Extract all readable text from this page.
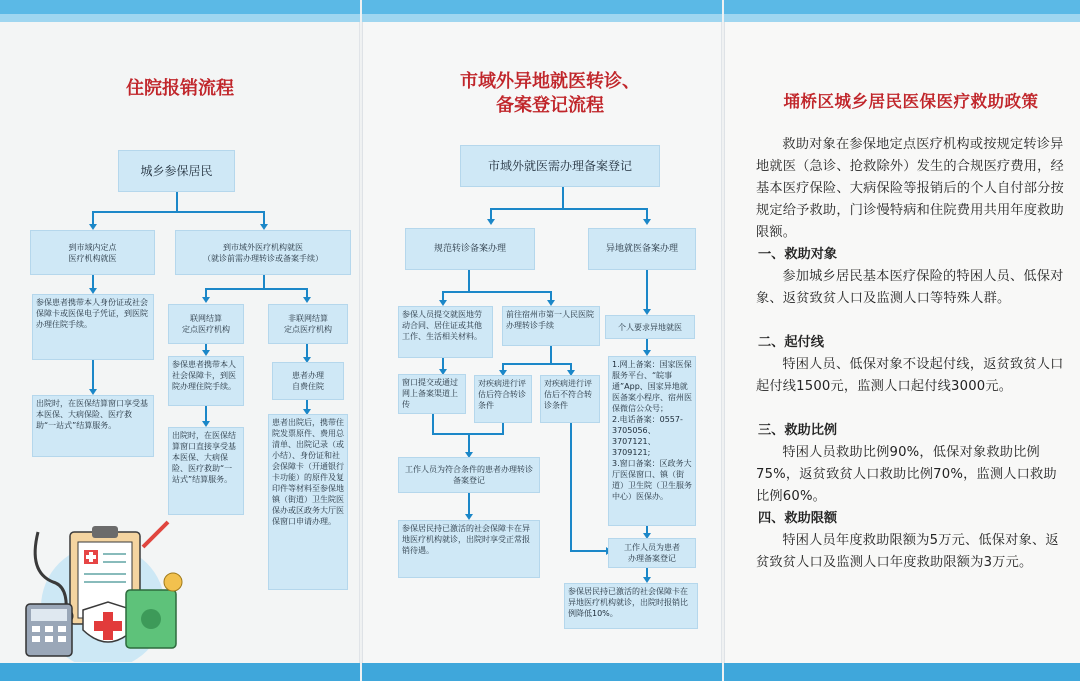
住院报销流程
城乡参保居民
到市域内定点
医疗机构就医
到市域外医疗机构就医
（就诊前需办理转诊或备案手续）
参保患者携带本人身份证或社会保障卡或医保电子凭证，到医院办理住院手续。
出院时，在医保结算窗口享受基本医保、大病保险、医疗救助“一站式”结算服务。
联网结算
定点医疗机构
非联网结算
定点医疗机构
参保患者携带本人社会保障卡，到医院办理住院手续。
出院时，在医保结算窗口直接享受基本医保、大病保险、医疗救助“一站式”结算服务。
患者办理
自费住院
患者出院后，携带住院发票原件、费用总清单、出院记录（或小结）、身份证和社会保障卡（开通银行卡功能）的原件及复印件等材料至参保地镇（街道）卫生院医保办或区政务大厅医保窗口申请办理。
市域外异地就医转诊、
备案登记流程
市域外就医需办理备案登记
规范转诊备案办理	异地就医备案办理
参保人员提交就医地劳动合同、居住证或其他工作、生活相关材料。
前往宿州市第一人民医院办理转诊手续
窗口提交或通过网上备案渠道上传
对疾病进行评估后符合转诊条件
对疾病进行评估后不符合转诊条件
工作人员为符合条件的患者办理转诊备案登记
参保居民持已激活的社会保障卡在异地医疗机构就诊，出院时享受正常报销待遇。
个人要求异地就医
1.网上备案：国家医保服务平台、“皖事通”App、国家异地就医备案小程序、宿州医保微信公众号；
2.电话备案：0557-3705056、3707121、3709121;
3.窗口备案：区政务大厅医保窗口、镇（街道）卫生院（卫生服务中心）医保办。
工作人员为患者
办理备案登记
参保居民持已激活的社会保障卡在异地医疗机构就诊，出院时报销比例降低10%。
埇桥区城乡居民医保医疗救助政策
救助对象在参保地定点医疗机构或按规定转诊异地就医（急诊、抢救除外）发生的合规医疗费用，经基本医疗保险、大病保险等报销后的个人自付部分按规定给予救助，门诊慢特病和住院费用共用年度救助限额。
一、救助对象
参加城乡居民基本医疗保险的特困人员、低保对象、返贫致贫人口及监测人口等特殊人群。
二、起付线
特困人员、低保对象不设起付线，返贫致贫人口起付线1500元，监测人口起付线3000元。
三、救助比例
特困人员救助比例90%，低保对象救助比例75%，返贫致贫人口救助比例70%，监测人口救助比例60%。
四、救助限额
特困人员年度救助限额为5万元、低保对象、返贫致贫人口及监测人口年度救助限额为3万元。
